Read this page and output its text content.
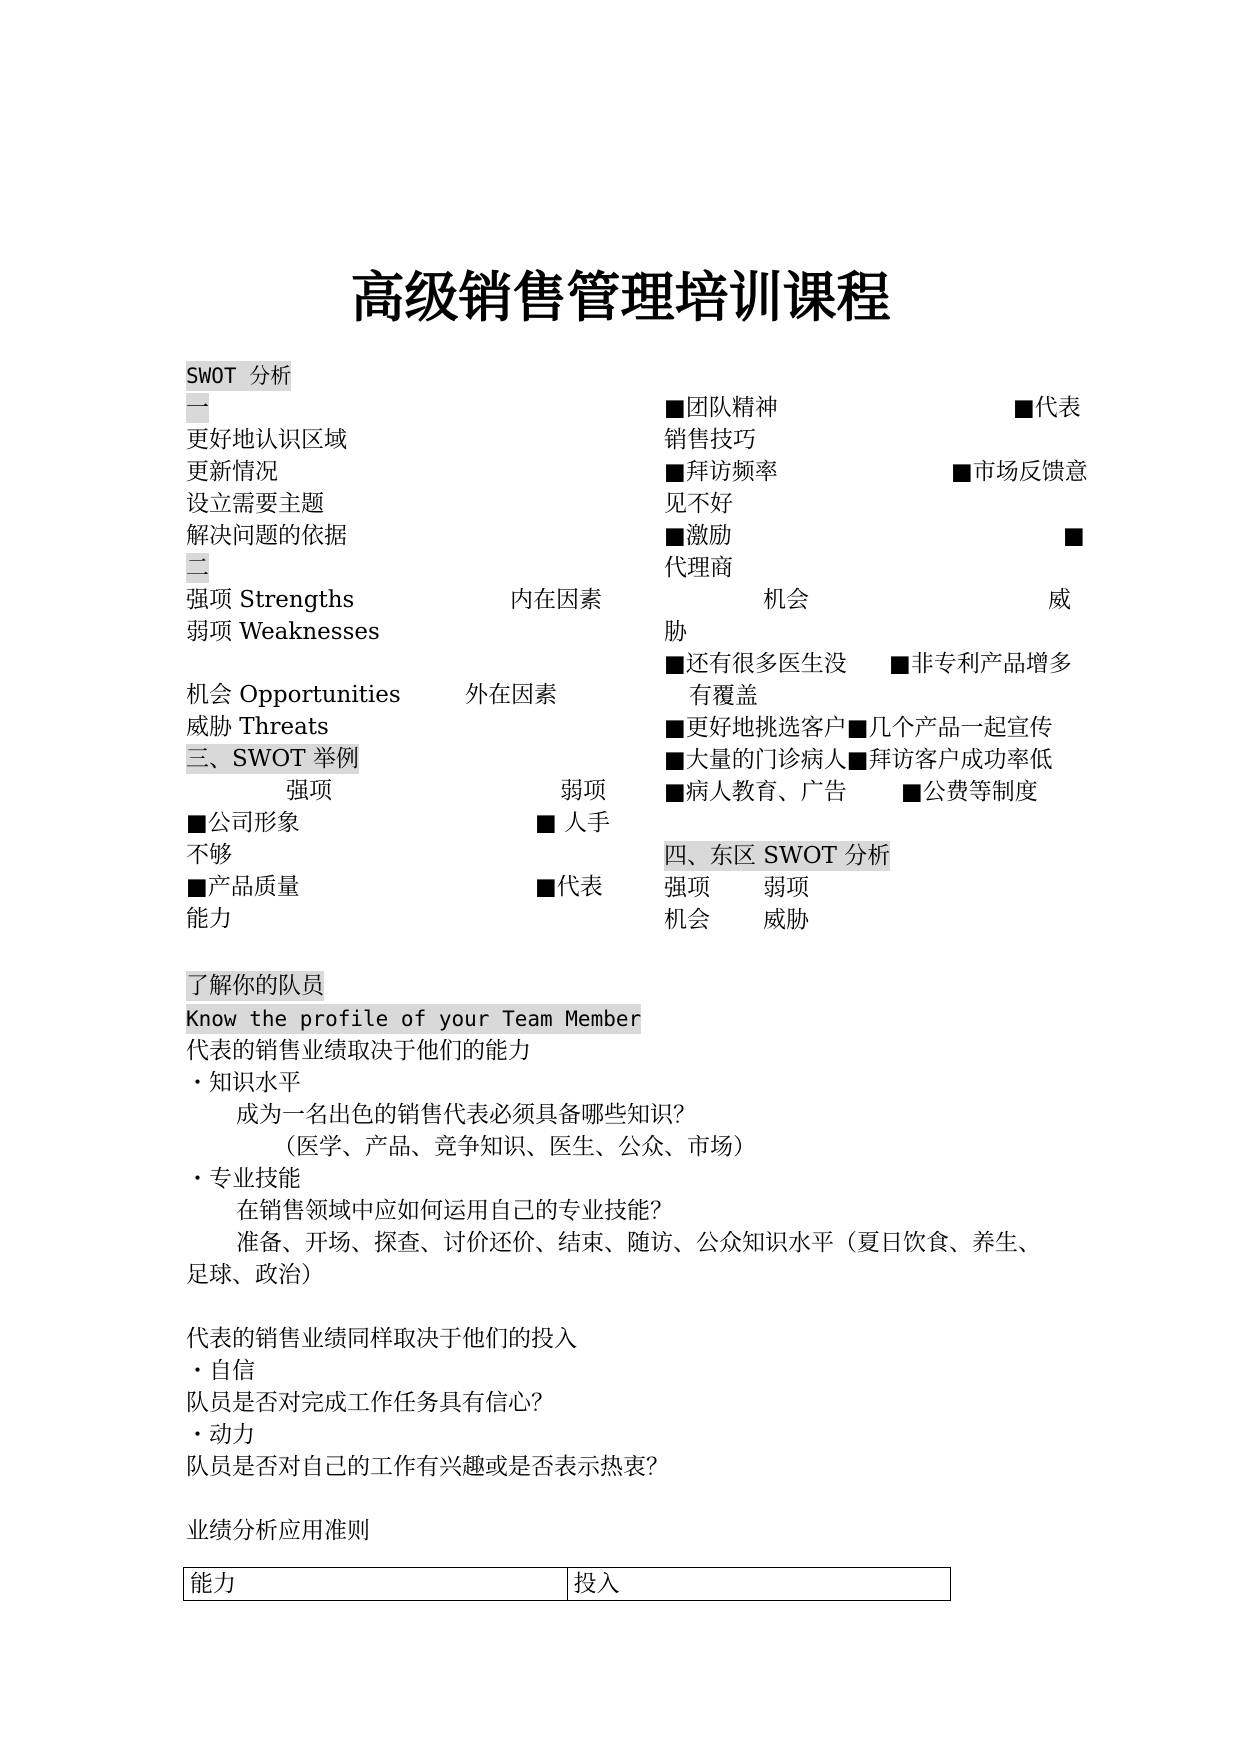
高级销售管理培训课程
SWOT 分析
一
更好地认识区域
更新情况
设立需要主题
解决问题的依据
二
强项 Strengths	内在因素
弱项 Weaknesses
机会 Opportunities	外在因素
威胁 Threats
三、SWOT 举例
强项	弱项
■公司形象	■ 人手
不够
■产品质量	■代表
能力
■团队精神	■代表
销售技巧
■拜访频率	■市场反馈意
见不好
■激励	■
代理商
机会	威
胁
■还有很多医生没 ■非专利产品增多
有覆盖
■更好地挑选客户■几个产品一起宣传
■大量的门诊病人■拜访客户成功率低
■病人教育、广告 ■公费等制度
四、东区 SWOT 分析
强项 弱项
机会 威胁
了解你的队员
Know the profile of your Team Member
代表的销售业绩取决于他们的能力
・知识水平
成为一名出色的销售代表必须具备哪些知识？
（医学、产品、竞争知识、医生、公众、市场）
・专业技能
在销售领域中应如何运用自己的专业技能？
准备、开场、探查、讨价还价、结束、随访、公众知识水平（夏日饮食、养生、
足球、政治）
代表的销售业绩同样取决于他们的投入
・自信
队员是否对完成工作任务具有信心？
・动力
队员是否对自己的工作有兴趣或是否表示热衷？
业绩分析应用准则
能力	投入
